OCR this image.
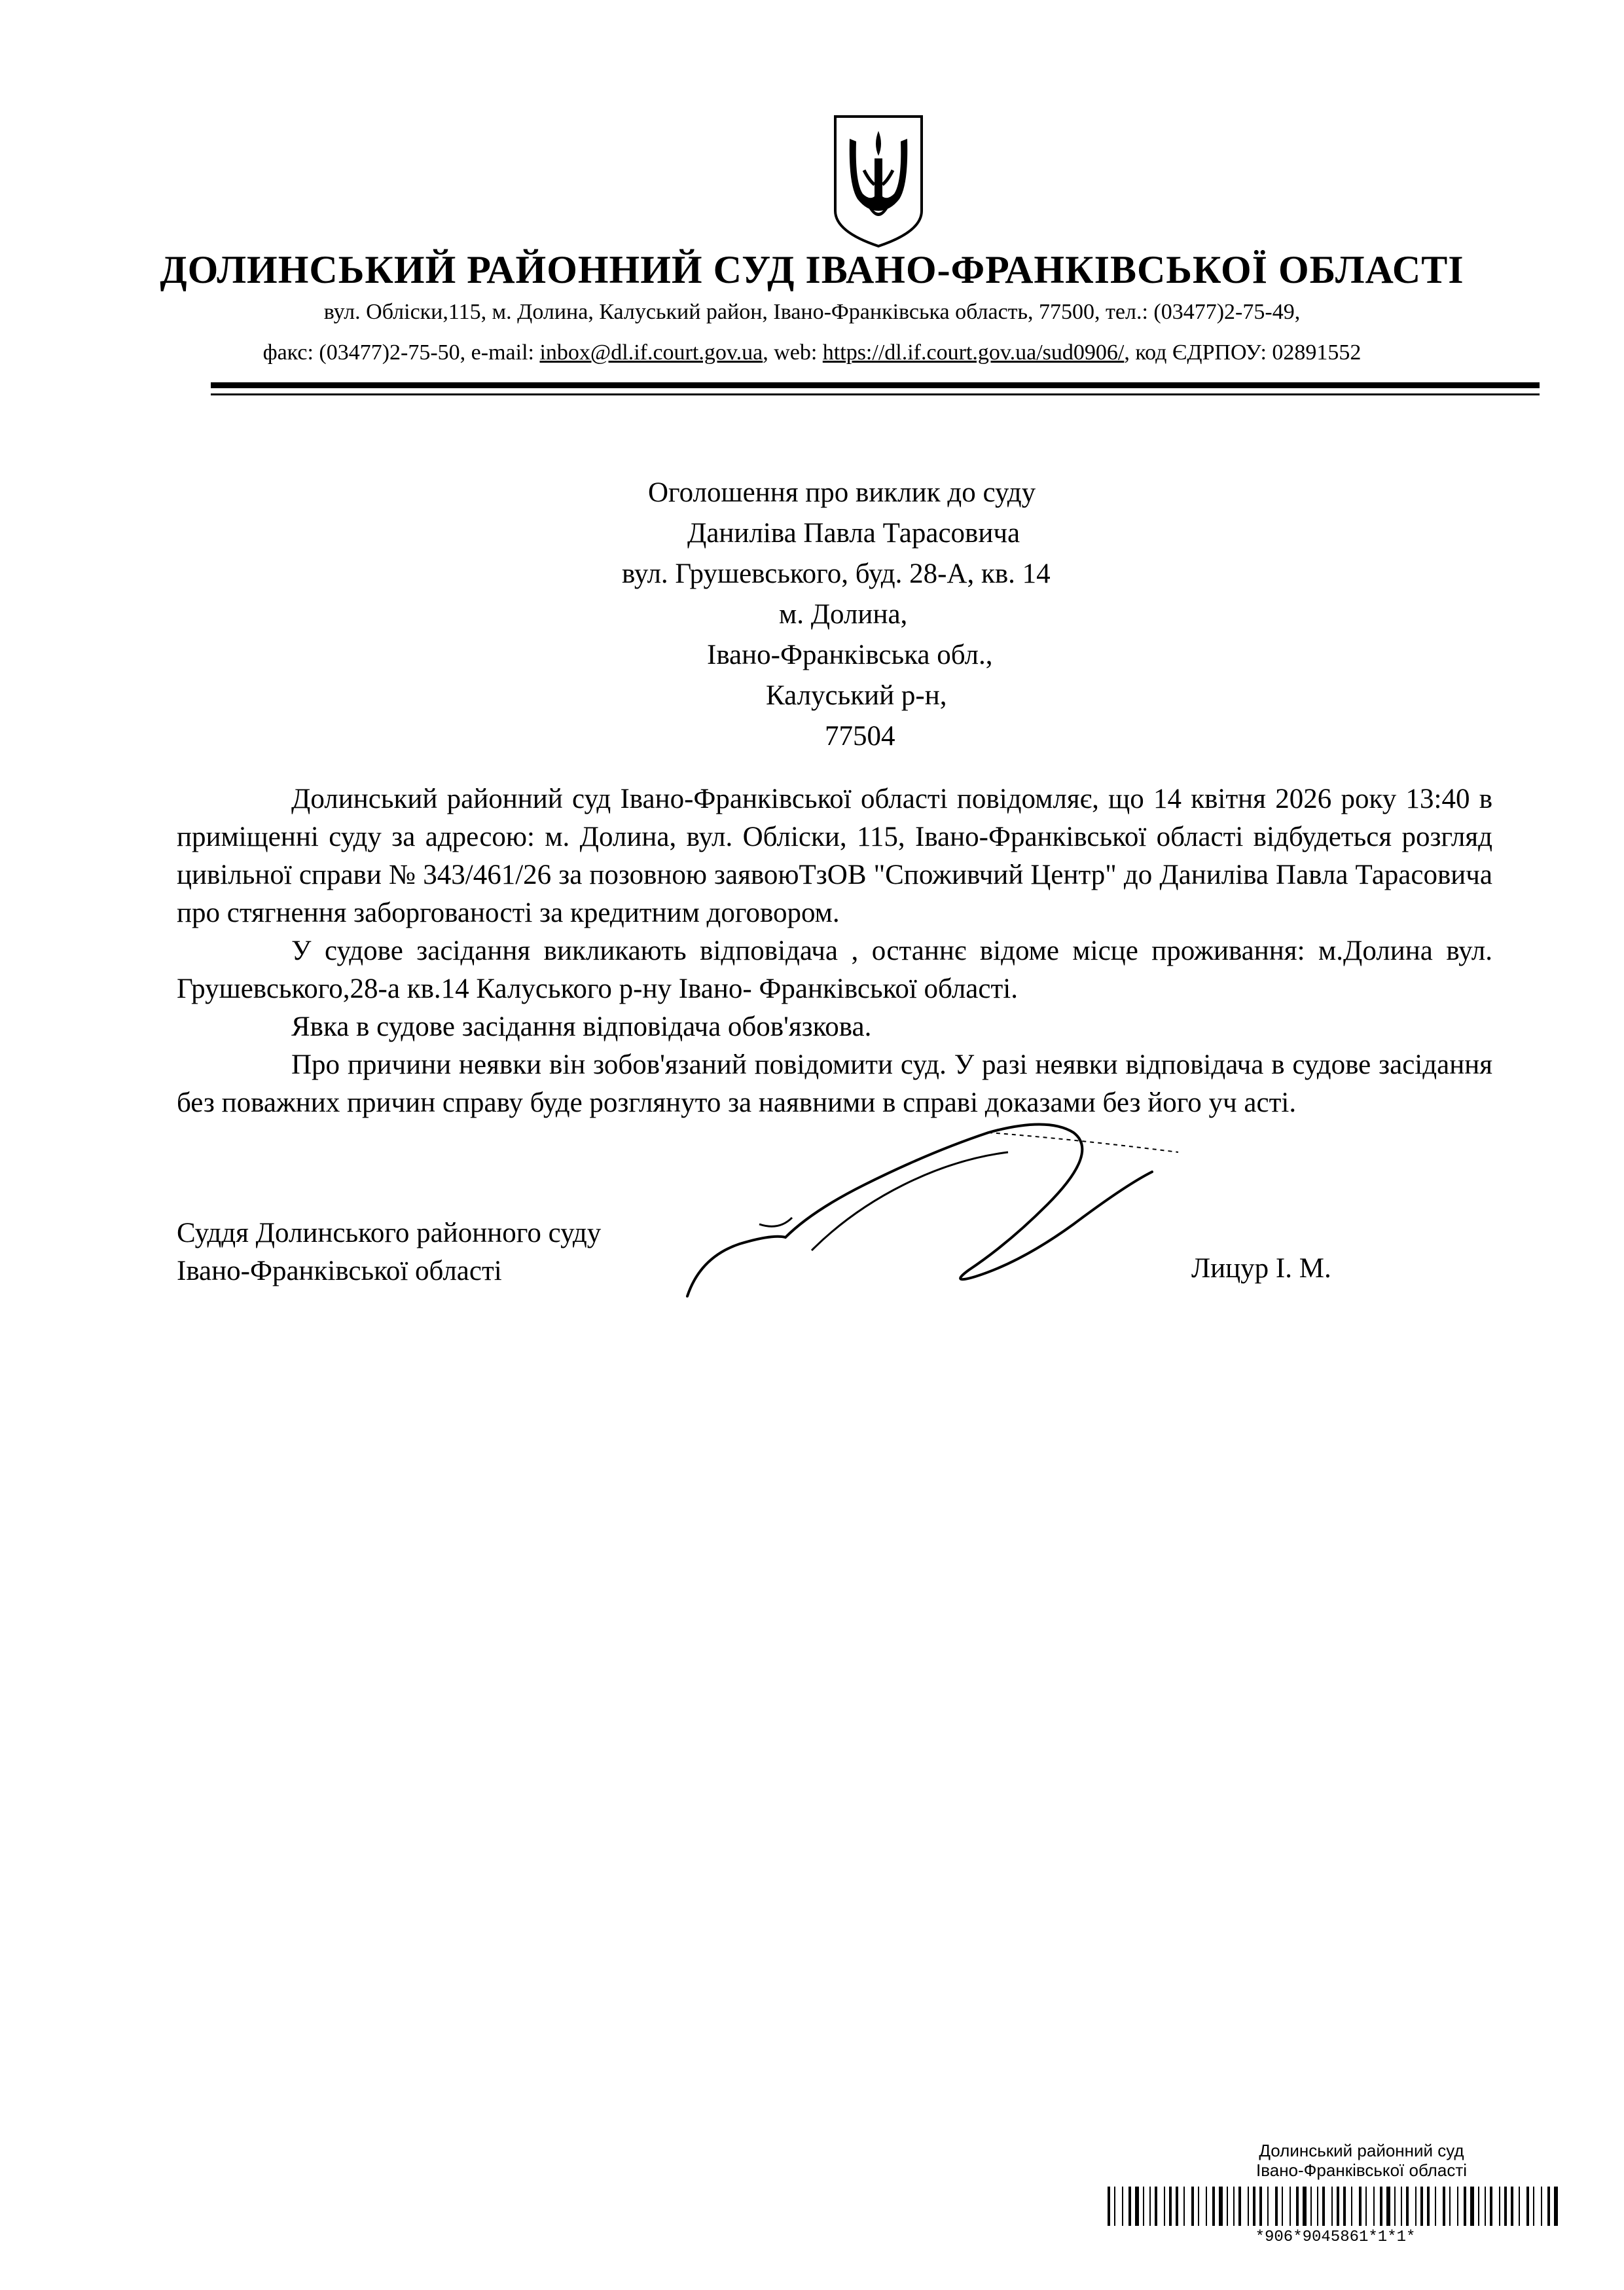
ДОЛИНСЬКИЙ РАЙОННИЙ СУД ІВАНО-ФРАНКІВСЬКОЇ ОБЛАСТІ
вул. Обліски,115, м. Долина, Калуський район, Івано-Франківська область, 77500, тел.: (03477)2-75-49,
факс: (03477)2-75-50, e-mail: inbox@dl.if.court.gov.ua, web: https://dl.if.court.gov.ua/sud0906/, код ЄДРПОУ: 02891552
Оголошення про виклик до суду
Даниліва Павла Тарасовича
вул. Грушевського, буд. 28-А, кв. 14
м. Долина,
Івано-Франківська обл.,
Калуський р-н,
77504

Долинський районний суд Івано-Франківської області повідомляє, що 14 квітня 2026 року 13:40 в приміщенні суду за адресою: м. Долина, вул. Обліски, 115, Івано-Франківської області відбудеться розгляд цивільної справи № 343/461/26 за позовною заявоюТзОВ "Споживчий Центр" до Даниліва Павла Тарасовича про стягнення заборгованості за кредитним договором.

У судове засідання викликають відповідача , останнє відоме місце проживання: м.Долина вул. Грушевського,28-а кв.14 Калуського р-ну Івано- Франківської області.

Явка в судове засідання відповідача обов'язкова.

Про причини неявки він зобов'язаний повідомити суд. У разі неявки відповідача в судове засідання без поважних причин справу буде розглянуто за наявними в справі доказами без його уч асті.

Суддя Долинського районного суду
Івано-Франківської області	Лицур І. М.
Долинський районний суд
Івано-Франківської області
*906*9045861*1*1*
